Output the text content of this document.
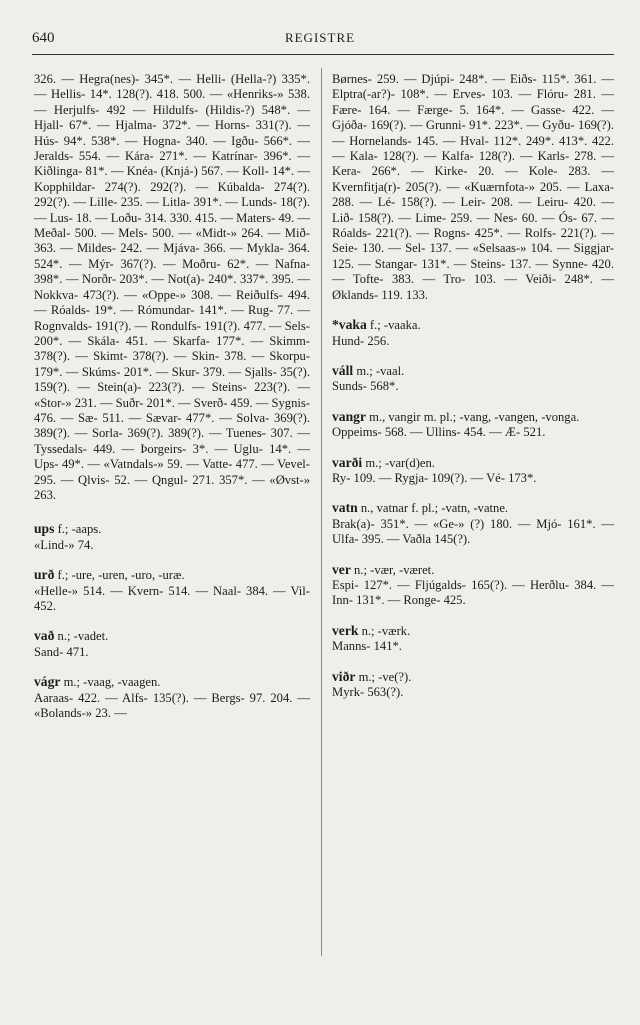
640	REGISTRE

326. — Hegra(nes)- 345*. — Helli- (Hella-?) 335*. — Hellis- 14*. 128(?). 418. 500. — «Henriks-» 538. — Herjulfs- 492 — Hildulfs- (Hildis-?) 548*. — Hjall- 67*. — Hjalma- 372*. — Horns- 331(?). — Hús- 94*. 538*. — Hogna- 340. — Igðu- 566*. — Jeralds- 554. — Kára- 271*. — Katrínar- 396*. — Kiðlinga- 81*. — Knéa- (Knjá-) 567. — Koll- 14*. — Kopphildar- 274(?). 292(?). — Kúbalda- 274(?). 292(?). — Lille- 235. — Litla- 391*. — Lunds- 18(?). — Lus- 18. — Loðu- 314. 330. 415. — Maters- 49. — Meðal- 500. — Mels- 500. — «Midt-» 264. — Mið- 363. — Mildes- 242. — Mjáva- 366. — Mykla- 364. 524*. — Mýr- 367(?). — Moðru- 62*. — Nafna- 398*. — Norðr- 203*. — Not(a)- 240*. 337*. 395. — Nokkva- 473(?). — «Oppe-» 308. — Reiðulfs- 494. — Róalds- 19*. — Rómundar- 141*. — Rug- 77. — Rognvalds- 191(?). — Rondulfs- 191(?). 477. — Sels- 200*. — Skála- 451. — Skarfa- 177*. — Skimm- 378(?). — Skimt- 378(?). — Skin- 378. — Skorpu- 179*. — Skúms- 201*. — Skur- 379. — Sjalls- 35(?). 159(?). — Stein(a)- 223(?). — Steins- 223(?). — «Stor-» 231. — Suðr- 201*. — Sverð- 459. — Sygnis- 476. — Sæ- 511. — Sævar- 477*. — Solva- 369(?). 389(?). — Sorla- 369(?). 389(?). — Tuenes- 307. — Tyssedals- 449. — Þorgeirs- 3*. — Uglu- 14*. — Ups- 49*. — «Vatndals-» 59. — Vatte- 477. — Vevel- 295. — Qlvis- 52. — Qngul- 271. 357*. — «Øvst-» 263.

ups f.; -aaps.

«Lind-» 74.

urð f.; -ure, -uren, -uro, -uræ.

«Helle-» 514. — Kvern- 514. — Naal- 384. — Vil- 452.

vað n.; -vadet.

Sand- 471.

vágr m.; -vaag, -vaagen.

Aaraas- 422. — Alfs- 135(?). — Bergs- 97. 204. — «Bolands-» 23. —

Børnes- 259. — Djúpi- 248*. — Eiðs- 115*. 361. — Elptra(-ar?)- 108*. — Erves- 103. — Flóru- 281. — Fære- 164. — Færge- 5. 164*. — Gasse- 422. — Gjóða- 169(?). — Grunni- 91*. 223*. — Gyðu- 169(?). — Hornelands- 145. — Hval- 112*. 249*. 413*. 422. — Kala- 128(?). — Kalfa- 128(?). — Karls- 278. — Kera- 266*. — Kirke- 20. — Kole- 283. — Kvernfitja(r)- 205(?). — «Kuærnfota-» 205. — Laxa- 288. — Lé- 158(?). — Leir- 208. — Leiru- 420. — Lið- 158(?). — Lime- 259. — Nes- 60. — Ós- 67. — Róalds- 221(?). — Rogns- 425*. — Rolfs- 221(?). — Seie- 130. — Sel- 137. — «Selsaas-» 104. — Siggjar- 125. — Stangar- 131*. — Steins- 137. — Synne- 420. — Tofte- 383. — Tro- 103. — Veiði- 248*. — Øklands- 119. 133.

*vaka f.; -vaaka.

Hund- 256.

váll m.; -vaal.

Sunds- 568*.

vangr m., vangir m. pl.; -vang, -vangen, -vonga.

Oppeims- 568. — Ullins- 454. — Æ- 521.

varði m.; -var(d)en.

Ry- 109. — Rygja- 109(?). — Vé- 173*.

vatn n., vatnar f. pl.; -vatn, -vatne.

Brak(a)- 351*. — «Ge-» (?) 180. — Mjó- 161*. — Ulfa- 395. — Vaðla 145(?).

ver n.; -vær, -været.

Espi- 127*. — Fljúgalds- 165(?). — Herðlu- 384. — Inn- 131*. — Ronge- 425.

verk n.; -værk.

Manns- 141*.

viðr m.; -ve(?).

Myrk- 563(?).
